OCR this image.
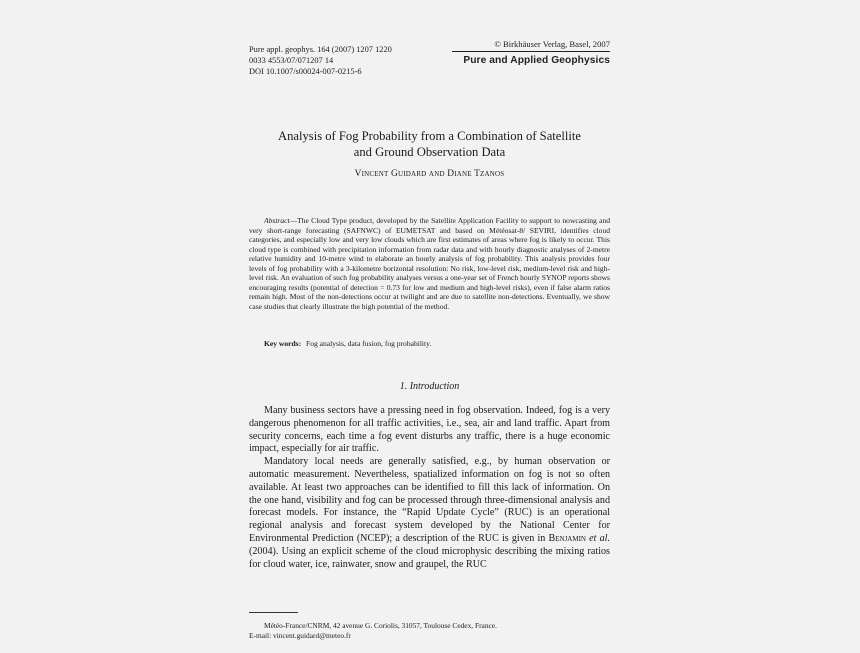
Pure appl. geophys. 164 (2007) 1207 1220
0033 4553/07/071207 14
DOI 10.1007/s00024-007-0215-6
© Birkhäuser Verlag, Basel, 2007
Pure and Applied Geophysics
Analysis of Fog Probability from a Combination of Satellite
and Ground Observation Data
Vincent Guidard and Diane Tzanos

Abstract—The Cloud Type product, developed by the Satellite Application Facility to support to nowcasting and very short-range forecasting (SAFNWC) of EUMETSAT and based on Météosat-8/ SEVIRI, identifies cloud categories, and especially low and very low clouds which are first estimates of areas where fog is likely to occur. This cloud type is combined with precipitation information from radar data and with hourly diagnostic analyses of 2-metre relative humidity and 10-metre wind to elaborate an hourly analysis of fog probability. This analysis provides four levels of fog probability with a 3-kilometre horizontal resolution: No risk, low-level risk, medium-level risk and high-level risk. An evaluation of such fog probability analyses versus a one-year set of French hourly SYNOP reports shows encouraging results (potential of detection = 0.73 for low and medium and high-level risks), even if false alarm ratios remain high. Most of the non-detections occur at twilight and are due to satellite non-detections. Eventually, we show case studies that clearly illustrate the high potential of the method.

Key words: Fog analysis, data fusion, fog probability.
1. Introduction

Many business sectors have a pressing need in fog observation. Indeed, fog is a very dangerous phenomenon for all traffic activities, i.e., sea, air and land traffic. Apart from security concerns, each time a fog event disturbs any traffic, there is a huge economic impact, especially for air traffic.

Mandatory local needs are generally satisfied, e.g., by human observation or automatic measurement. Nevertheless, spatialized information on fog is not so often available. At least two approaches can be identified to fill this lack of information. On the one hand, visibility and fog can be processed through three-dimensional analysis and forecast models. For instance, the “Rapid Update Cycle” (RUC) is an operational regional analysis and forecast system developed by the National Center for Environmental Prediction (NCEP); a description of the RUC is given in Benjamin et al. (2004). Using an explicit scheme of the cloud microphysic describing the mixing ratios for cloud water, ice, rainwater, snow and graupel, the RUC

Météo-France/CNRM, 42 avenue G. Coriolis, 31057, Toulouse Cedex, France.
E-mail: vincent.guidard@meteo.fr
